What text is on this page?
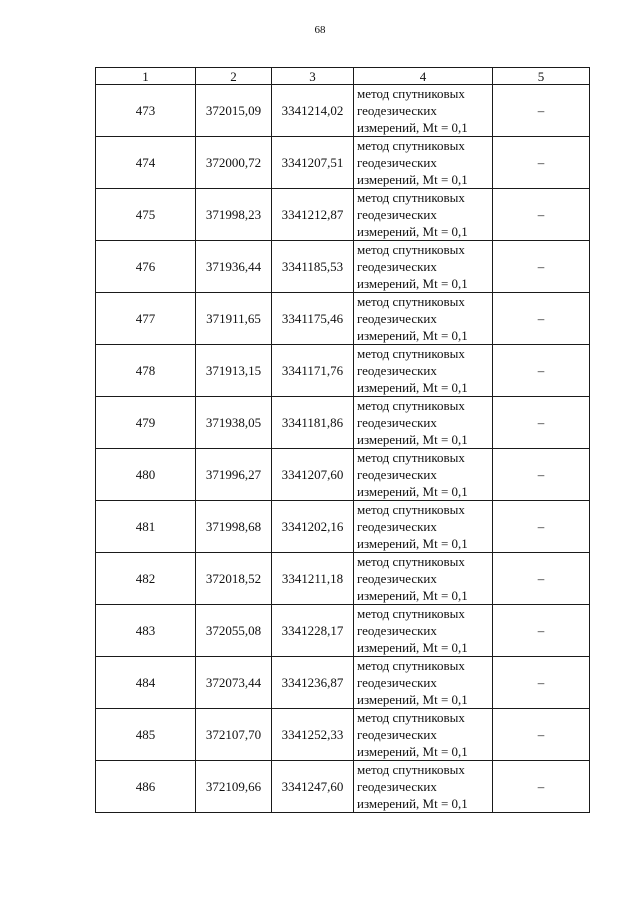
68
1	2	3	4	5
473	372015,09	3341214,02	метод спутниковых
геодезических
измерений, Mt = 0,1	–
474	372000,72	3341207,51	метод спутниковых
геодезических
измерений, Mt = 0,1	–
475	371998,23	3341212,87	метод спутниковых
геодезических
измерений, Mt = 0,1	–
476	371936,44	3341185,53	метод спутниковых
геодезических
измерений, Mt = 0,1	–
477	371911,65	3341175,46	метод спутниковых
геодезических
измерений, Mt = 0,1	–
478	371913,15	3341171,76	метод спутниковых
геодезических
измерений, Mt = 0,1	–
479	371938,05	3341181,86	метод спутниковых
геодезических
измерений, Mt = 0,1	–
480	371996,27	3341207,60	метод спутниковых
геодезических
измерений, Mt = 0,1	–
481	371998,68	3341202,16	метод спутниковых
геодезических
измерений, Mt = 0,1	–
482	372018,52	3341211,18	метод спутниковых
геодезических
измерений, Mt = 0,1	–
483	372055,08	3341228,17	метод спутниковых
геодезических
измерений, Mt = 0,1	–
484	372073,44	3341236,87	метод спутниковых
геодезических
измерений, Mt = 0,1	–
485	372107,70	3341252,33	метод спутниковых
геодезических
измерений, Mt = 0,1	–
486	372109,66	3341247,60	метод спутниковых
геодезических
измерений, Mt = 0,1	–
